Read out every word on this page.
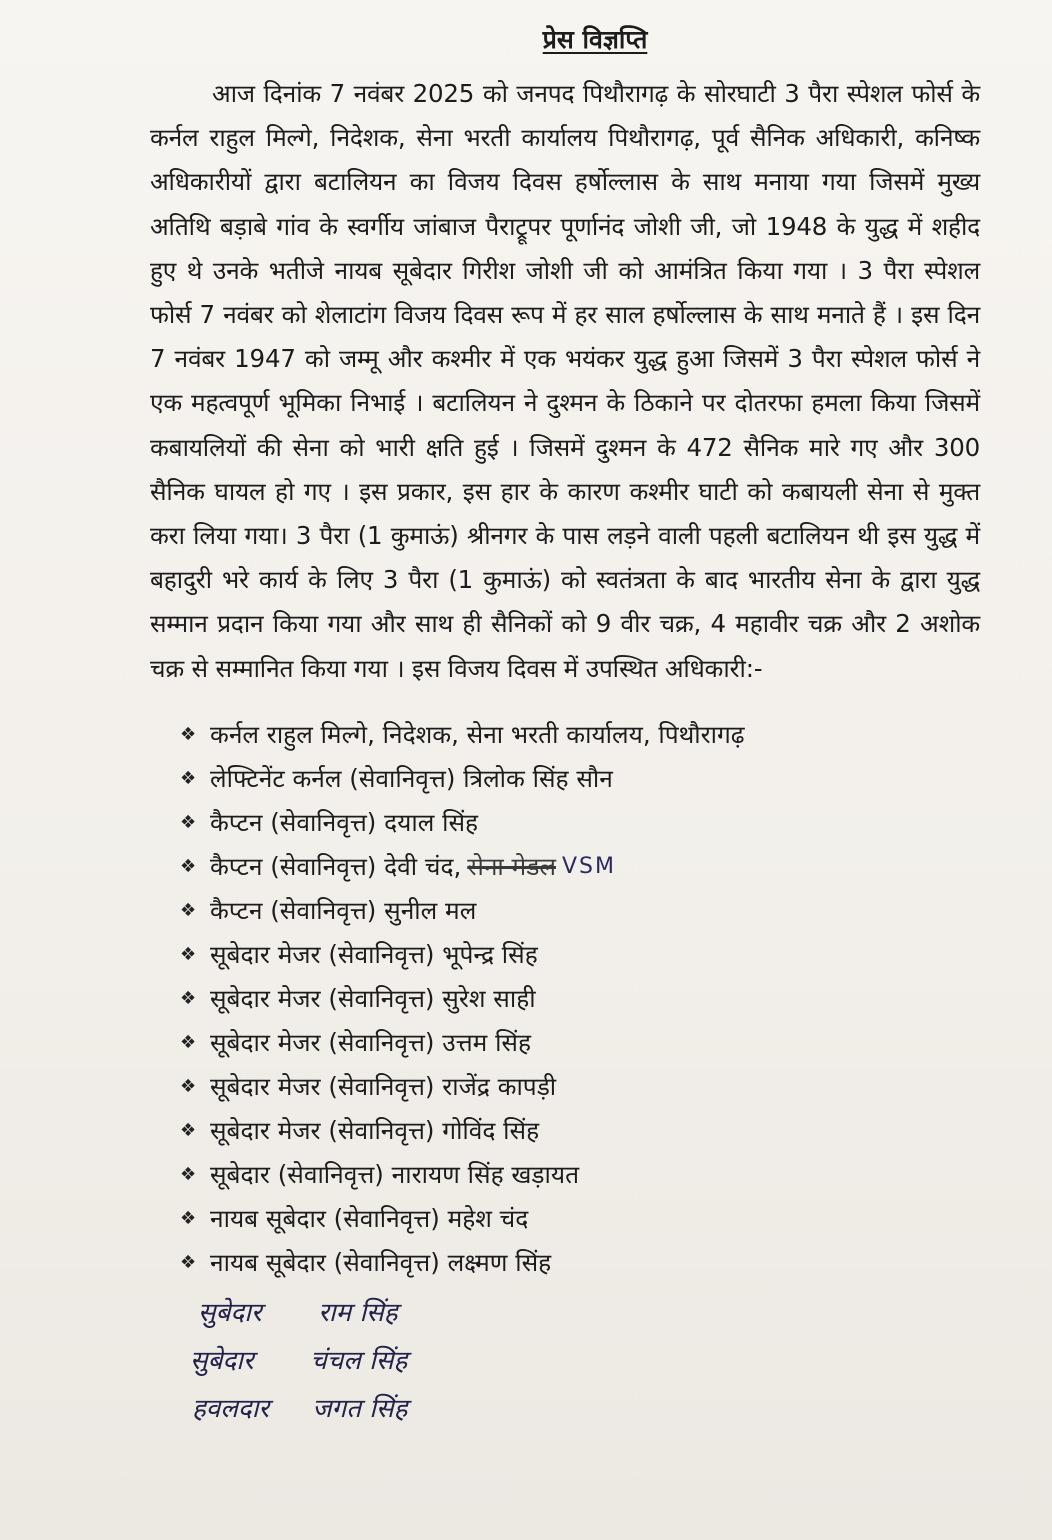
प्रेस विज्ञप्ति

आज दिनांक 7 नवंबर 2025 को जनपद पिथौरागढ़ के सोरघाटी 3 पैरा स्पेशल फोर्स के कर्नल राहुल मिल्गे, निदेशक, सेना भरती कार्यालय पिथौरागढ़, पूर्व सैनिक अधिकारी, कनिष्क अधिकारीयों द्वारा बटालियन का विजय दिवस हर्षोल्लास के साथ मनाया गया जिसमें मुख्य अतिथि बड़ाबे गांव के स्वर्गीय जांबाज पैराट्रूपर पूर्णानंद जोशी जी, जो 1948 के युद्ध में शहीद हुए थे उनके भतीजे नायब सूबेदार गिरीश जोशी जी को आमंत्रित किया गया । 3 पैरा स्पेशल फोर्स 7 नवंबर को शेलाटांग विजय दिवस रूप में हर साल हर्षोल्लास के साथ मनाते हैं । इस दिन 7 नवंबर 1947 को जम्मू और कश्मीर में एक भयंकर युद्ध हुआ जिसमें 3 पैरा स्पेशल फोर्स ने एक महत्वपूर्ण भूमिका निभाई । बटालियन ने दुश्मन के ठिकाने पर दोतरफा हमला किया जिसमें कबायलियों की सेना को भारी क्षति हुई । जिसमें दुश्मन के 472 सैनिक मारे गए और 300 सैनिक घायल हो गए । इस प्रकार, इस हार के कारण कश्मीर घाटी को कबायली सेना से मुक्त करा लिया गया। 3 पैरा (1 कुमाऊं) श्रीनगर के पास लड़ने वाली पहली बटालियन थी इस युद्ध में बहादुरी भरे कार्य के लिए 3 पैरा (1 कुमाऊं) को स्वतंत्रता के बाद भारतीय सेना के द्वारा युद्ध सम्मान प्रदान किया गया और साथ ही सैनिकों को 9 वीर चक्र, 4 महावीर चक्र और 2 अशोक चक्र से सम्मानित किया गया । इस विजय दिवस में उपस्थित अधिकारी:-

❖ कर्नल राहुल मिल्गे, निदेशक, सेना भरती कार्यालय, पिथौरागढ़
❖ लेफ्टिनेंट कर्नल (सेवानिवृत्त) त्रिलोक सिंह सौन
❖ कैप्टन (सेवानिवृत्त) दयाल सिंह
❖ कैप्टन (सेवानिवृत्त) देवी चंद, सेना मेडल VSM
❖ कैप्टन (सेवानिवृत्त) सुनील मल
❖ सूबेदार मेजर (सेवानिवृत्त) भूपेन्द्र सिंह
❖ सूबेदार मेजर (सेवानिवृत्त) सुरेश साही
❖ सूबेदार मेजर (सेवानिवृत्त) उत्तम सिंह
❖ सूबेदार मेजर (सेवानिवृत्त) राजेंद्र कापड़ी
❖ सूबेदार मेजर (सेवानिवृत्त) गोविंद सिंह
❖ सूबेदार (सेवानिवृत्त) नारायण सिंह खड़ायत
❖ नायब सूबेदार (सेवानिवृत्त) महेश चंद
❖ नायब सूबेदार (सेवानिवृत्त) लक्ष्मण सिंह
सुबेदार राम सिंह
सुबेदार चंचल सिंह
हवलदार जगत सिंह
